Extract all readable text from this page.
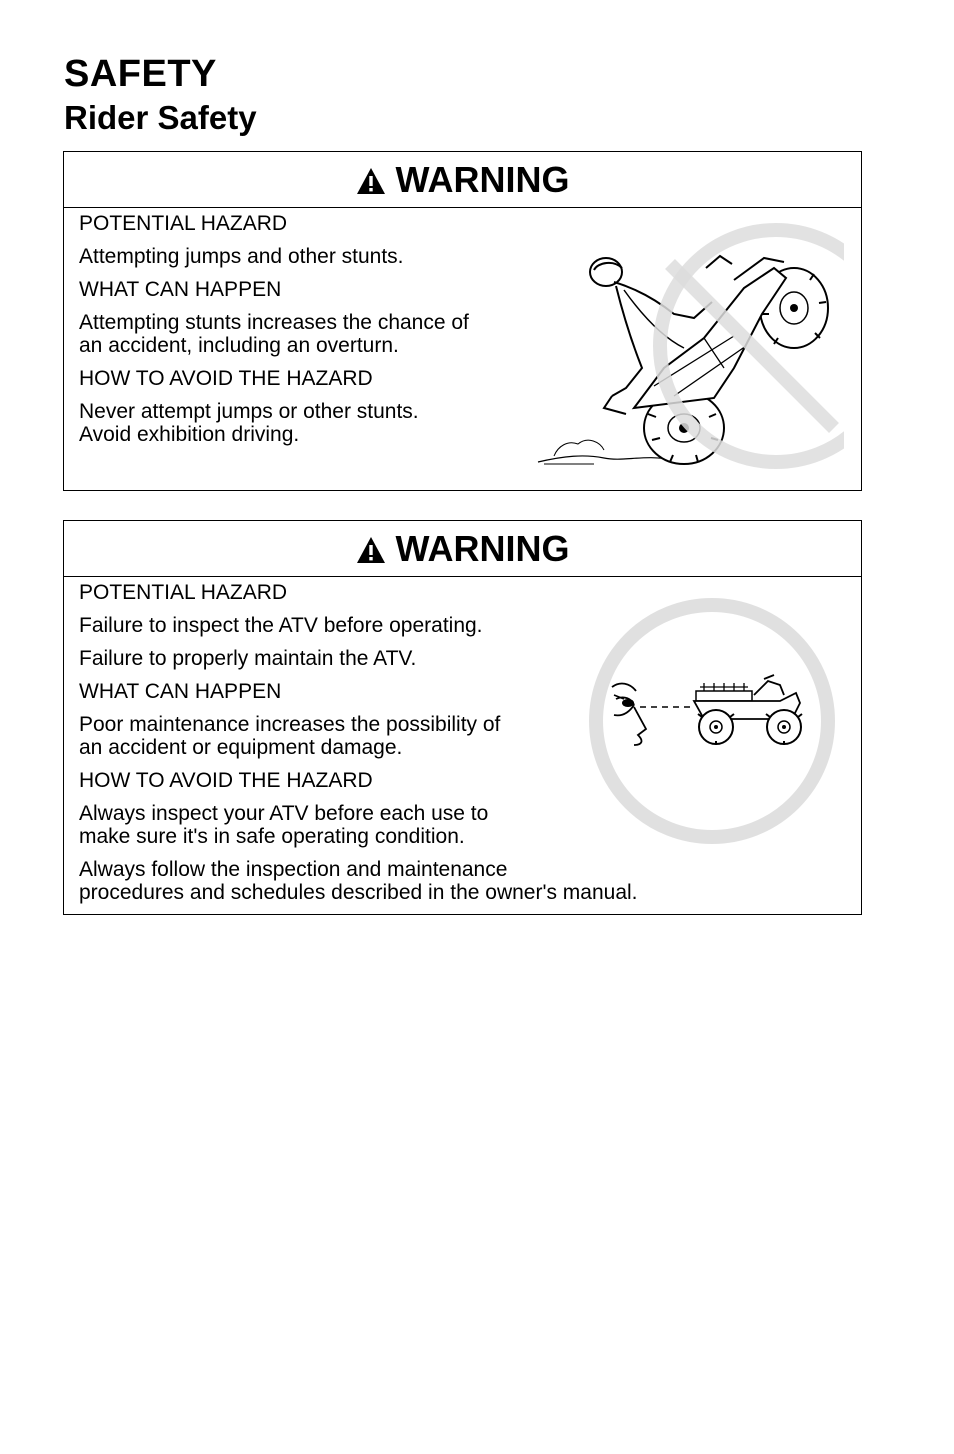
SAFETY
Rider Safety
WARNING

POTENTIAL HAZARD

Attempting jumps and other stunts.

WHAT CAN HAPPEN

Attempting stunts increases the chance of
an accident, including an overturn.

HOW TO AVOID THE HAZARD

Never attempt jumps or other stunts.
Avoid exhibition driving.

WARNING

POTENTIAL HAZARD

Failure to inspect the ATV before operating.

Failure to properly maintain the ATV.

WHAT CAN HAPPEN

Poor maintenance increases the possibility of
an accident or equipment damage.

HOW TO AVOID THE HAZARD

Always inspect your ATV before each use to
make sure it's in safe operating condition.

Always follow the inspection and maintenance
procedures and schedules described in the owner's manual.
